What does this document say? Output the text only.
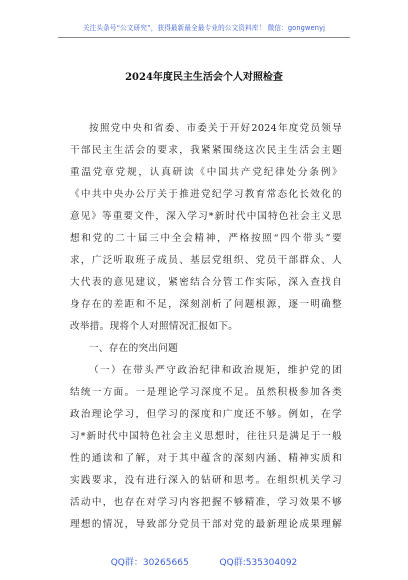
关注头条号“公文研究”，获得最新最全最专业的公文资料库！ 微信：gongwenyj
2024年度民主生活会个人对照检查
按照党中央和省委、市委关于开好2024年度党员领导
干部民主生活会的要求，我紧紧围绕这次民主生活会主题
重温党章党规，认真研读《中国共产党纪律处分条例》
《中共中央办公厅关于推进党纪学习教育常态化长效化的
意见》等重要文件，深入学习*新时代中国特色社会主义思
想和党的二十届三中全会精神，严格按照“四个带头”要
求，广泛听取班子成员、基层党组织、党员干部群众、人
大代表的意见建议，紧密结合分管工作实际，深入查找自
身存在的差距和不足，深刻剖析了问题根源，逐一明确整
改举措。现将个人对照情况汇报如下。
一、存在的突出问题
（一）在带头严守政治纪律和政治规矩，维护党的团
结统一方面。一是理论学习深度不足。虽然积极参加各类
政治理论学习，但学习的深度和广度还不够。例如，在学
习*新时代中国特色社会主义思想时，往往只是满足于一般
性的通读和了解，对于其中蕴含的深刻内涵、精神实质和
实践要求，没有进行深入的钻研和思考。在组织机关学习
活动中，也存在对学习内容把握不够精准，学习效果不够
理想的情况，导致部分党员干部对党的最新理论成果理解
QQ群：30265665	QQ群:535304092
